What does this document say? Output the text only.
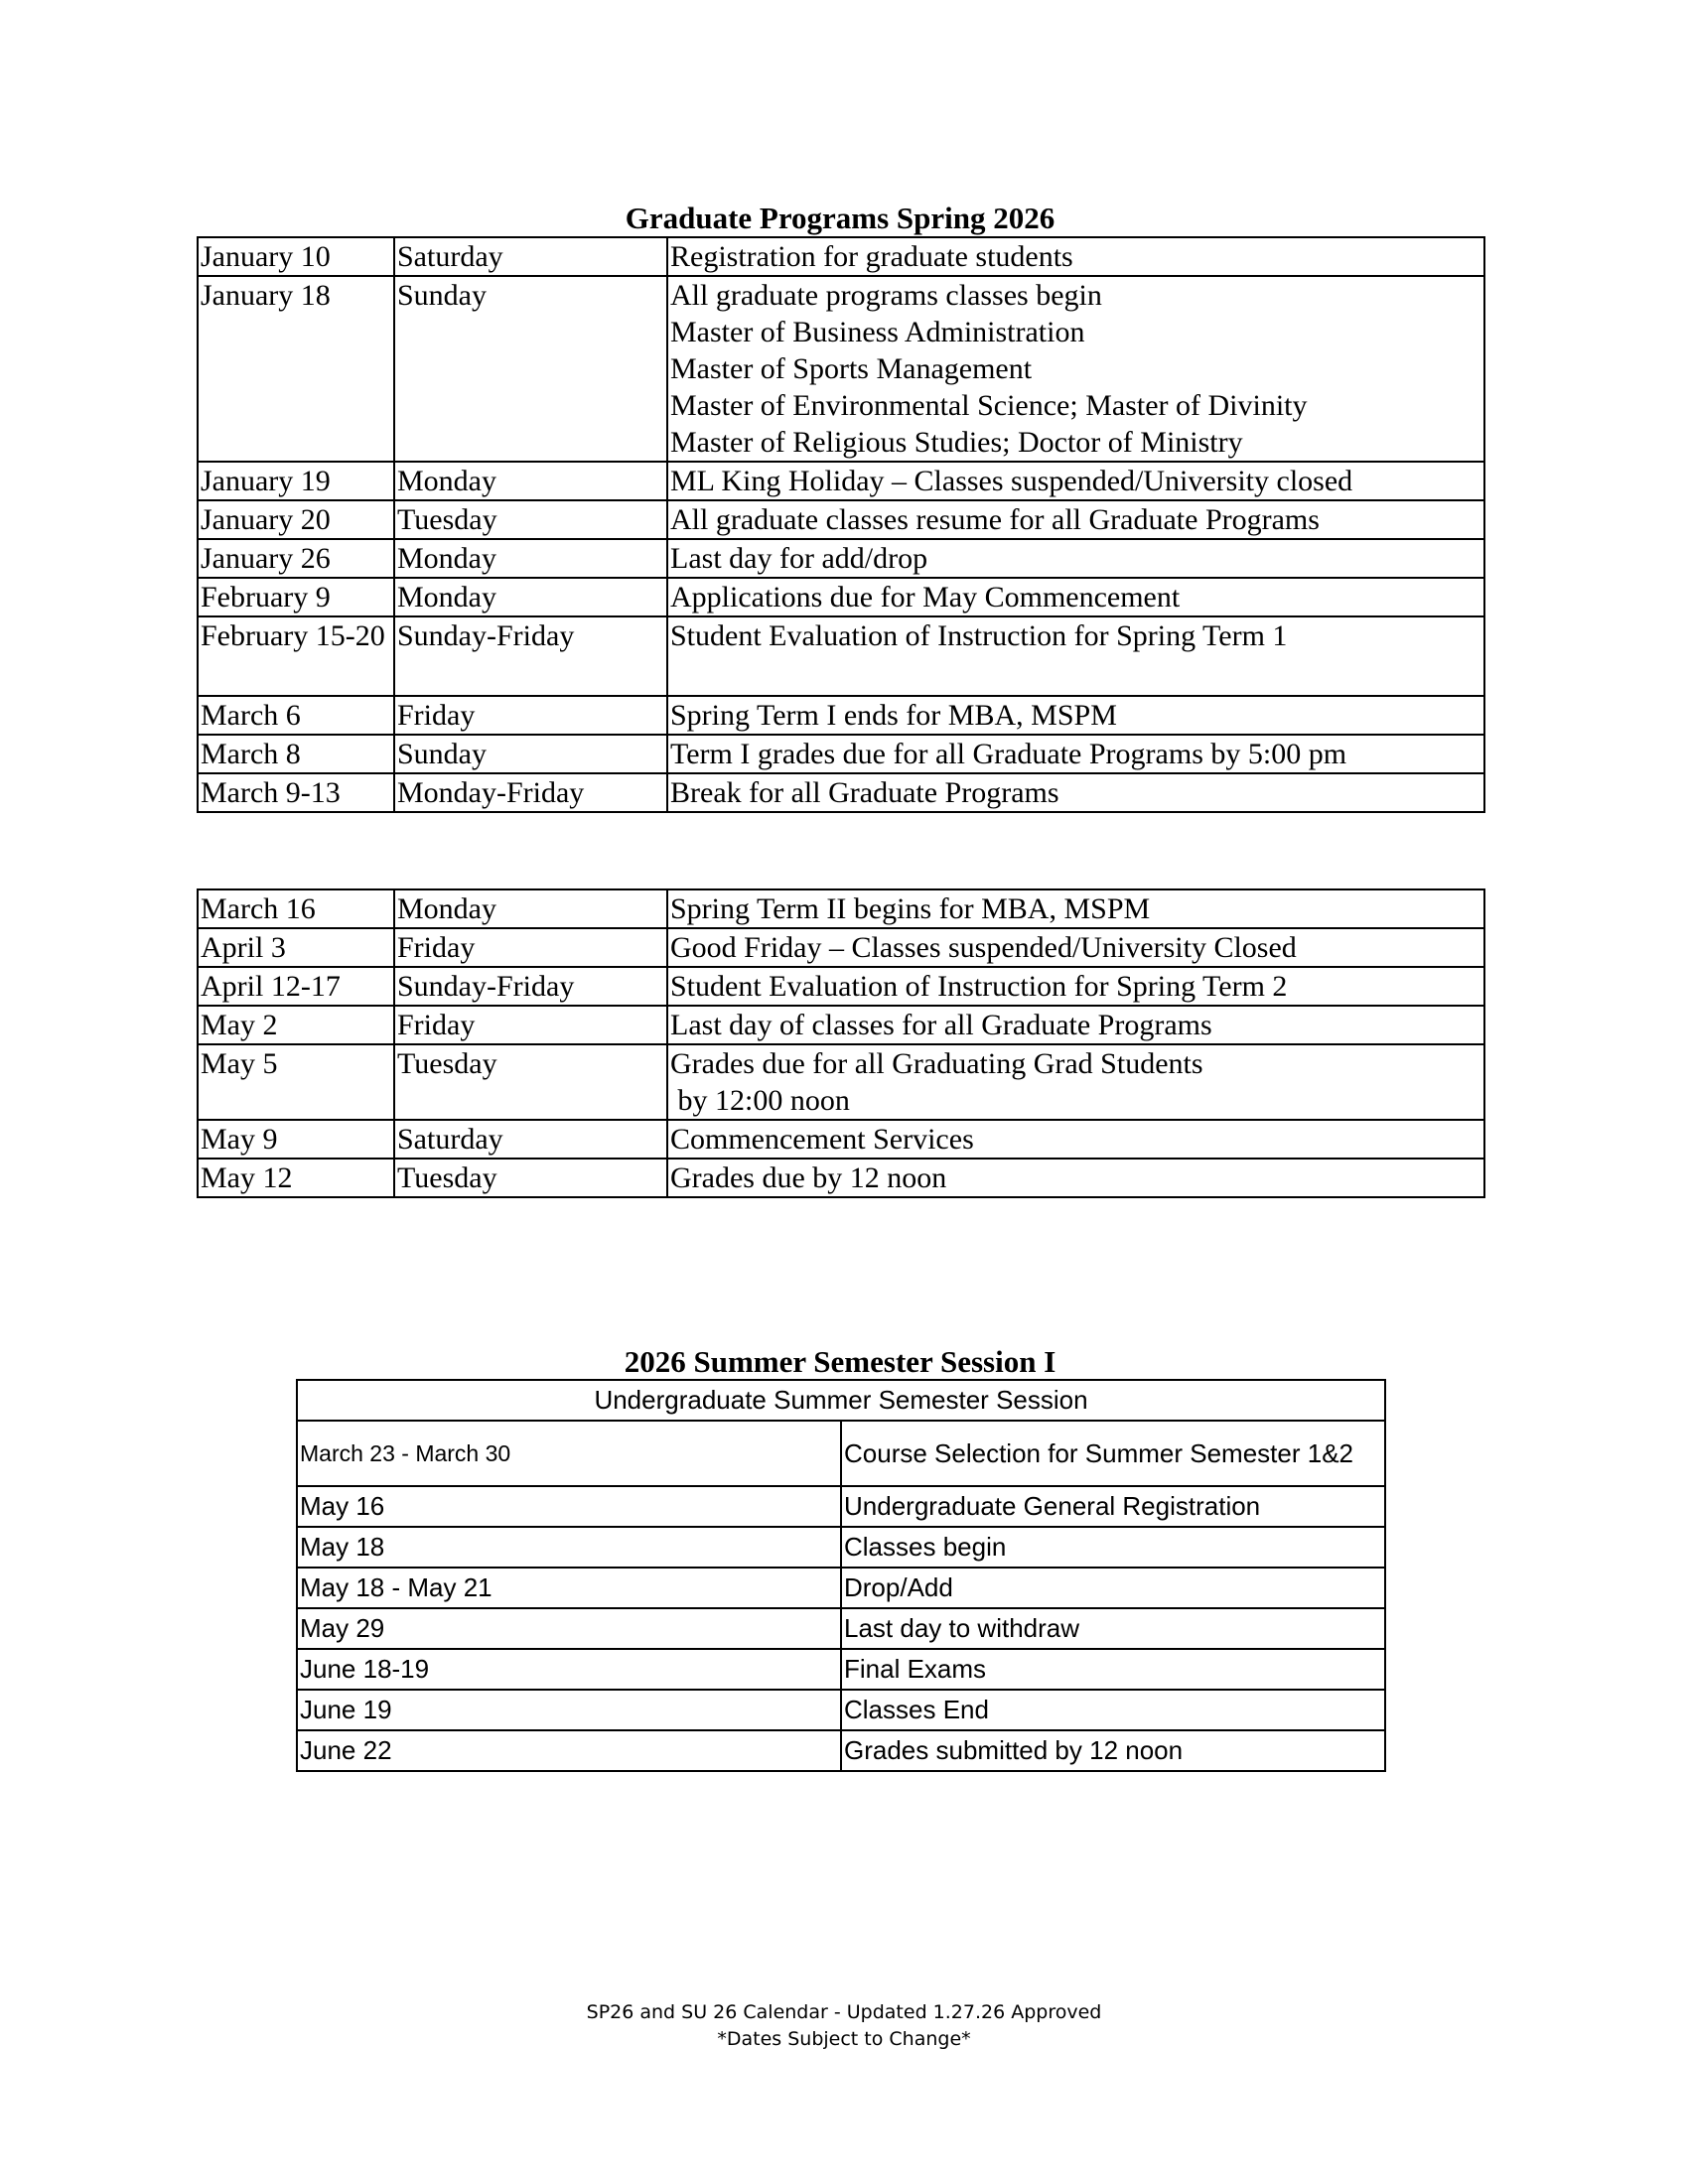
Graduate Programs Spring 2026
January 10	Saturday	Registration for graduate students
January 18	Sunday	All graduate programs classes begin
Master of Business Administration
Master of Sports Management
Master of Environmental Science; Master of Divinity
Master of Religious Studies; Doctor of Ministry
January 19	Monday	ML King Holiday – Classes suspended/University closed
January 20	Tuesday	All graduate classes resume for all Graduate Programs
January 26	Monday	Last day for add/drop
February 9	Monday	Applications due for May Commencement
February 15-20	Sunday-Friday	Student Evaluation of Instruction for Spring Term 1
March 6	Friday	Spring Term I ends for MBA, MSPM
March 8	Sunday	Term I grades due for all Graduate Programs by 5:00 pm
March 9-13	Monday-Friday	Break for all Graduate Programs
March 16	Monday	Spring Term II begins for MBA, MSPM
April 3	Friday	Good Friday – Classes suspended/University Closed
April 12-17	Sunday-Friday	Student Evaluation of Instruction for Spring Term 2
May 2	Friday	Last day of classes for all Graduate Programs
May 5	Tuesday	Grades due for all Graduating Grad Students
by 12:00 noon
May 9	Saturday	Commencement Services
May 12	Tuesday	Grades due by 12 noon
2026 Summer Semester Session I
Undergraduate Summer Semester Session	
March 23 - March 30	Course Selection for Summer Semester 1&2
May 16	Undergraduate General Registration
May 18	Classes begin
May 18 - May 21	Drop/Add
May 29	Last day to withdraw
June 18-19	Final Exams
June 19	Classes End
June 22	Grades submitted by 12 noon
SP26 and SU 26 Calendar - Updated 1.27.26 Approved
*Dates Subject to Change*
